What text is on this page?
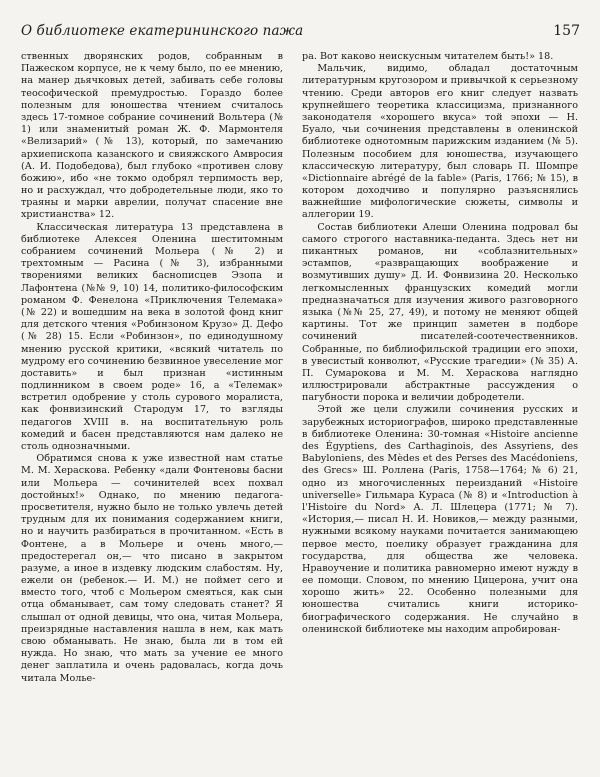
О библиотеке екатерининского пажа	157

ственных дворянских родов, собранным в Пажеском корпусе, не к чему было, по ее мнению, на манер дьячковых детей, забивать себе головы теософической премудростью. Гораздо более полезным для юношества чтением считалось здесь 17-томное собрание сочинений Вольтера (№ 1) или знаменитый роман Ж. Ф. Мармонтеля «Велизарий» (№ 13), который, по замечанию архиепископа казанского и свияжского Амвросия (А. И. Подобедова), был глубоко «противен слову божию», ибо «не токмо одобрял терпимость вер, но и расхуждал, что добродетельные люди, яко то траяны и марки аврелии, получат спасение вне христианства» 12.

Классическая литература 13 представлена в библиотеке Алексея Оленина шеститомным собранием сочинений Мольера (№ 2) и трехтомным — Расина (№ 3), избранными творениями великих баснописцев Эзопа и Лафонтена (№№ 9, 10) 14, политико-философским романом Ф. Фенелона «Приключения Телемака» (№ 22) и вошедшим на века в золотой фонд книг для детского чтения «Робинзоном Крузо» Д. Дефо (№ 28) 15. Если «Робинзон», по единодушному мнению русской критики, «всякий читатель по мудрому его сочинению безвинное увеселение мог доставить» и был признан «истинным подлинником в своем роде» 16, а «Телемак» встретил одобрение у столь сурового моралиста, как фонвизинский Стародум 17, то взгляды педагогов XVIII в. на воспитательную роль комедий и басен представляются нам далеко не столь однозначными.

Обратимся снова к уже известной нам статье М. М. Хераскова. Ребенку «дали Фонтеновы басни или Мольера — сочинителей всех похвал достойных!» Однако, по мнению педагога-просветителя, нужно было не только увлечь детей трудным для их понимания содержанием книги, но и научить разбираться в прочитанном. «Есть в Фонтене, а в Мольере и очень много,— предостерегал он,— что писано в закрытом разуме, а иное в издевку людским слабостям. Ну, ежели он (ребенок.— И. М.) не поймет сего и вместо того, чтоб с Мольером смеяться, как сын отца обманывает, сам тому следовать станет? Я слышал от одной девицы, что она, читая Мольера, преизрядные наставления нашла в нем, как мать свою обманывать. Не знаю, была ли в том ей нужда. Но знаю, что мать за учение ее много денег заплатила и очень радовалась, когда дочь читала Молье-

ра. Вот каково неискусным читателем быть!» 18.

Мальчик, видимо, обладал достаточным литературным кругозором и привычкой к серьезному чтению. Среди авторов его книг следует назвать крупнейшего теоретика классицизма, признанного законодателя «хорошего вкуса» той эпохи — Н. Буало, чьи сочинения представлены в оленинской библиотеке однотомным парижским изданием (№ 5). Полезным пособием для юношества, изучающего классическую литературу, был словарь П. Шомпре «Dictionnaire abrégé de la fable» (Paris, 1766; № 15), в котором доходчиво и популярно разъяснялись важнейшие мифологические сюжеты, символы и аллегории 19.

Состав библиотеки Алеши Оленина подровал бы самого строгого наставника-педанта. Здесь нет ни пикантных романов, ни «соблазнительных» эстампов, «развращающих воображение и возмутивших душу» Д. И. Фонвизина 20. Несколько легкомысленных французских комедий могли предназначаться для изучения живого разговорного языка (№№ 25, 27, 49), и потому не меняют общей картины. Тот же принцип заметен в подборе сочинений писателей-соотечественников. Собранные, по библиофильской традиции его эпохи, в увесистый конволют, «Русские трагедии» (№ 35) А. П. Сумарокова и М. М. Хераскова наглядно иллюстрировали абстрактные рассуждения о пагубности порока и величии добродетели.

Этой же цели служили сочинения русских и зарубежных историографов, широко представленные в библиотеке Оленина: 30-томная «Histoire ancienne des Égyptiens, des Carthaginois, des Assyriens, des Babyloniens, des Mèdes et des Perses des Macédoniens, des Grecs» Ш. Роллена (Paris, 1758—1764; № 6) 21, одно из многочисленных переизданий «Histoire universelle» Гильмара Кураса (№ 8) и «Introduction à l'Histoire du Nord» А. Л. Шлецера (1771; № 7). «История,— писал Н. И. Новиков,— между разными, нужными всякому науками почитается занимающею первое место, поелику образует гражданина для государства, для общества же человека. Нравоучение и политика равномерно имеют нужду в ее помощи. Словом, по мнению Цицерона, учит она хорошо жить» 22. Особенно полезными для юношества считались книги историко-биографического содержания. Не случайно в оленинской библиотеке мы находим апробирован-
